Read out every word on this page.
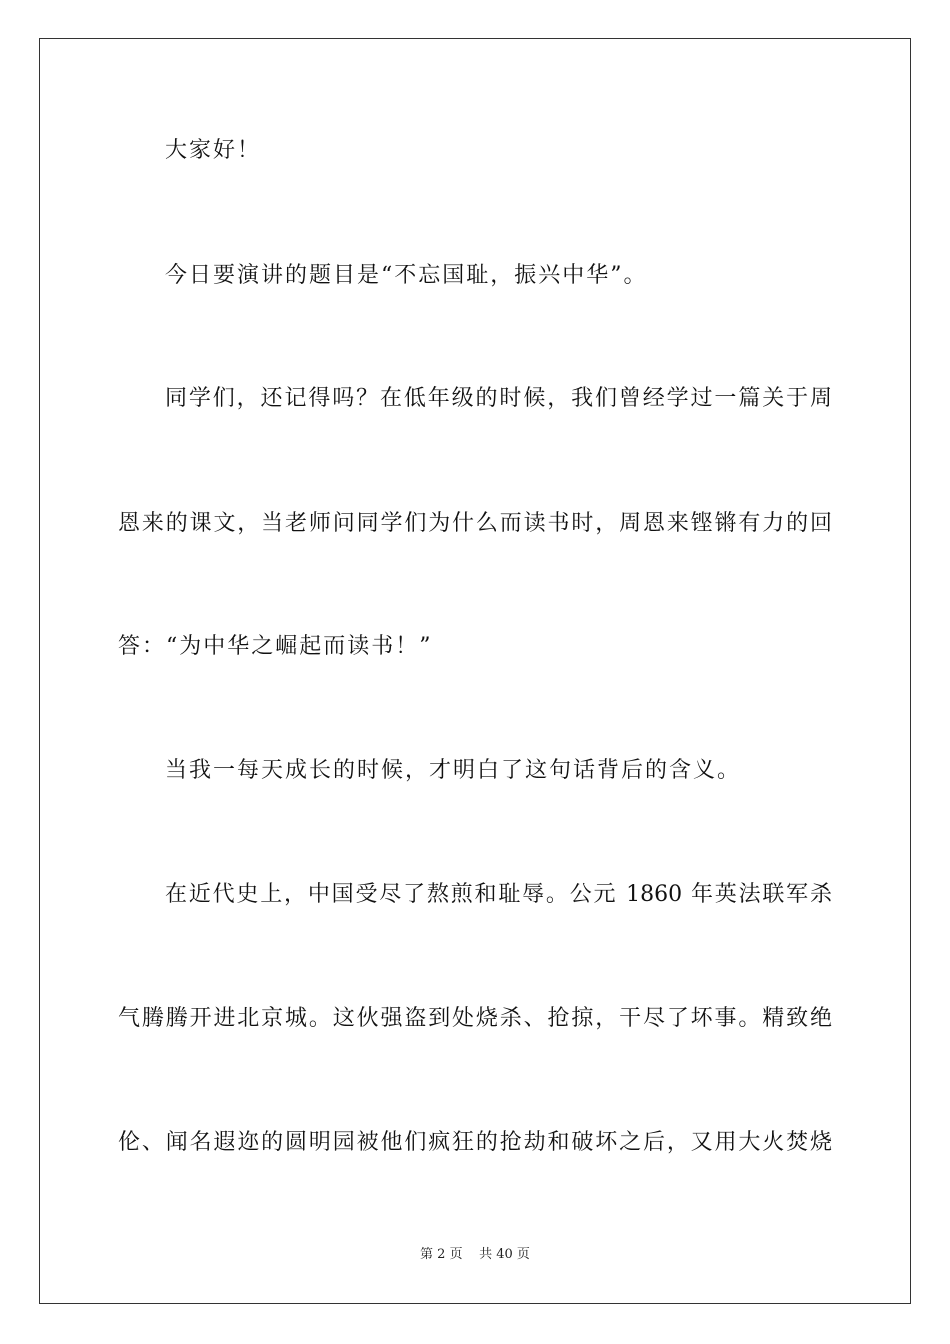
大家好！
今日要演讲的题目是“不忘国耻，振兴中华”。
同学们，还记得吗？在低年级的时候，我们曾经学过一篇关于周
恩来的课文，当老师问同学们为什么而读书时，周恩来铿锵有力的回
答：“为中华之崛起而读书！”
当我一每天成长的时候，才明白了这句话背后的含义。
在近代史上，中国受尽了熬煎和耻辱。公元 1860 年英法联军杀
气腾腾开进北京城。这伙强盗到处烧杀、抢掠，干尽了坏事。精致绝
伦、闻名遐迩的圆明园被他们疯狂的抢劫和破坏之后，又用大火焚烧
第 2 页 共 40 页
